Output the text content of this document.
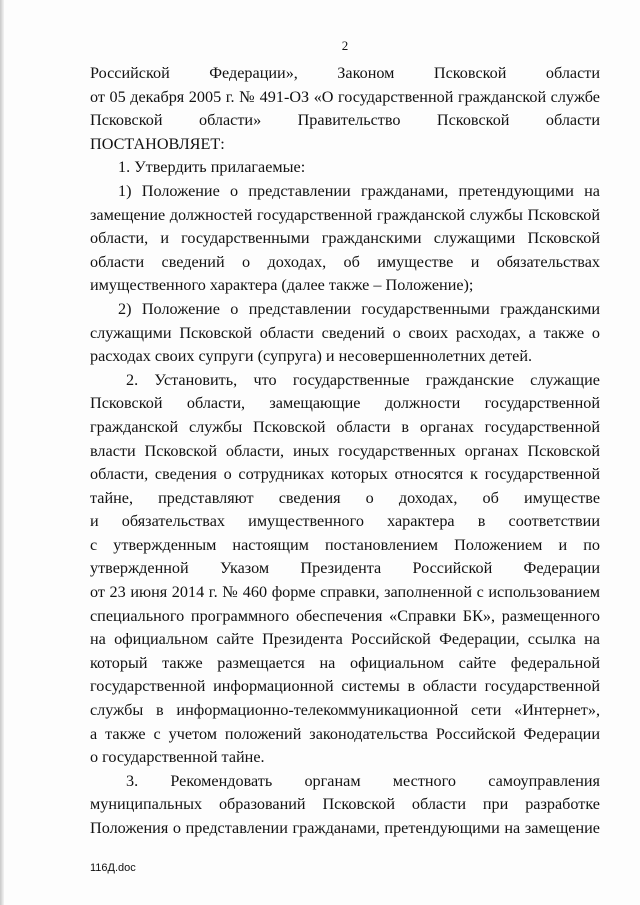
2
Российской Федерации», Законом Псковской области
от 05 декабря 2005 г. № 491-ОЗ «О государственной гражданской службе
Псковской области» Правительство Псковской области
ПОСТАНОВЛЯЕТ:
1. Утвердить прилагаемые:
1) Положение о представлении гражданами, претендующими на
замещение должностей государственной гражданской службы Псковской
области, и государственными гражданскими служащими Псковской
области сведений о доходах, об имуществе и обязательствах
имущественного характера (далее также – Положение);
2) Положение о представлении государственными гражданскими
служащими Псковской области сведений о своих расходах, а также о
расходах своих супруги (супруга) и несовершеннолетних детей.
2. Установить, что государственные гражданские служащие
Псковской области, замещающие должности государственной
гражданской службы Псковской области в органах государственной
власти Псковской области, иных государственных органах Псковской
области, сведения о сотрудниках которых относятся к государственной
тайне, представляют сведения о доходах, об имуществе
и обязательствах имущественного характера в соответствии
с утвержденным настоящим постановлением Положением и по
утвержденной Указом Президента Российской Федерации
от 23 июня 2014 г. № 460 форме справки, заполненной с использованием
специального программного обеспечения «Справки БК», размещенного
на официальном сайте Президента Российской Федерации, ссылка на
который также размещается на официальном сайте федеральной
государственной информационной системы в области государственной
службы в информационно-телекоммуникационной сети «Интернет»,
а также с учетом положений законодательства Российской Федерации
о государственной тайне.
3. Рекомендовать органам местного самоуправления
муниципальных образований Псковской области при разработке
Положения о представлении гражданами, претендующими на замещение
116Д.doc
